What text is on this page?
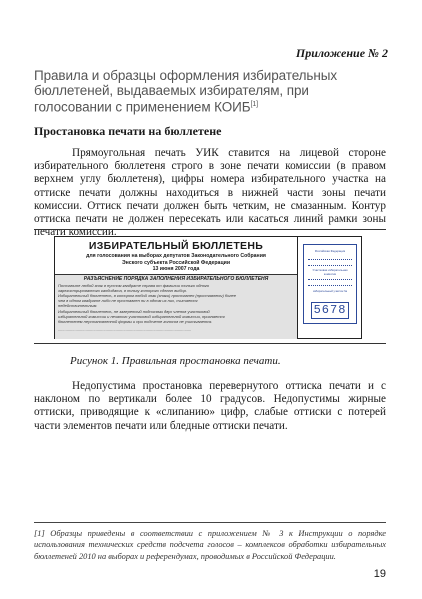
Приложение № 2
Правила и образцы оформления избирательных бюллетеней, выдаваемых избирателям, при голосовании с применением КОИБ[1]
Простановка печати на бюллетене

Прямоугольная печать УИК ставится на лицевой стороне избирательного бюллетеня строго в зоне печати комиссии (в правом верхнем углу бюллетеня), цифры номера избирательного участка на оттиске печати должны находиться в нижней части зоны печати комиссии. Оттиск печати должен быть четким, не смазанным. Контур оттиска печати не должен пересекать или касаться линий рамки зоны печати комиссии.

ИЗБИРАТЕЛЬНЫЙ БЮЛЛЕТЕНЬ
для голосования на выборах депутатов Законодательного Собрания
Энского субъекта Российской Федерации
13 июня 2007 года
РАЗЪЯСНЕНИЕ ПОРЯДКА ЗАПОЛНЕНИЯ ИЗБИРАТЕЛЬНОГО БЮЛЛЕТЕНЯ
Поставьте любой знак в пустом квадрате справа от фамилии только одного
зарегистрированного кандидата, в пользу которого сделан выбор.
Избирательный бюллетень, в котором любой знак (знаки) проставлен (проставлены) более
чем в одном квадрате либо не проставлен ни в одном из них, считается
недействительным.
Избирательный бюллетень, не заверенный подписями двух членов участковой
избирательной комиссии и печатью участковой избирательной комиссии, признается
бюллетенем неустановленной формы и при подсчете голосов не учитывается.
........................................................................................................................
Российская Федерация
Участковая избирательная комиссия
избирательный участок №
5678
Рисунок 1. Правильная простановка печати.

Недопустима простановка перевернутого оттиска печати и с наклоном по вертикали более 10 градусов. Недопустимы жирные оттиски, приводящие к «слипанию» цифр, слабые оттиски с потерей части элементов печати или бледные оттиски печати.

[1] Образцы приведены в соответствии с приложением № 3 к Инструкции о порядке использования технических средств подсчета голосов – комплексов обработки избирательных бюллетеней 2010 на выборах и референдумах, проводимых в Российской Федерации.
19
